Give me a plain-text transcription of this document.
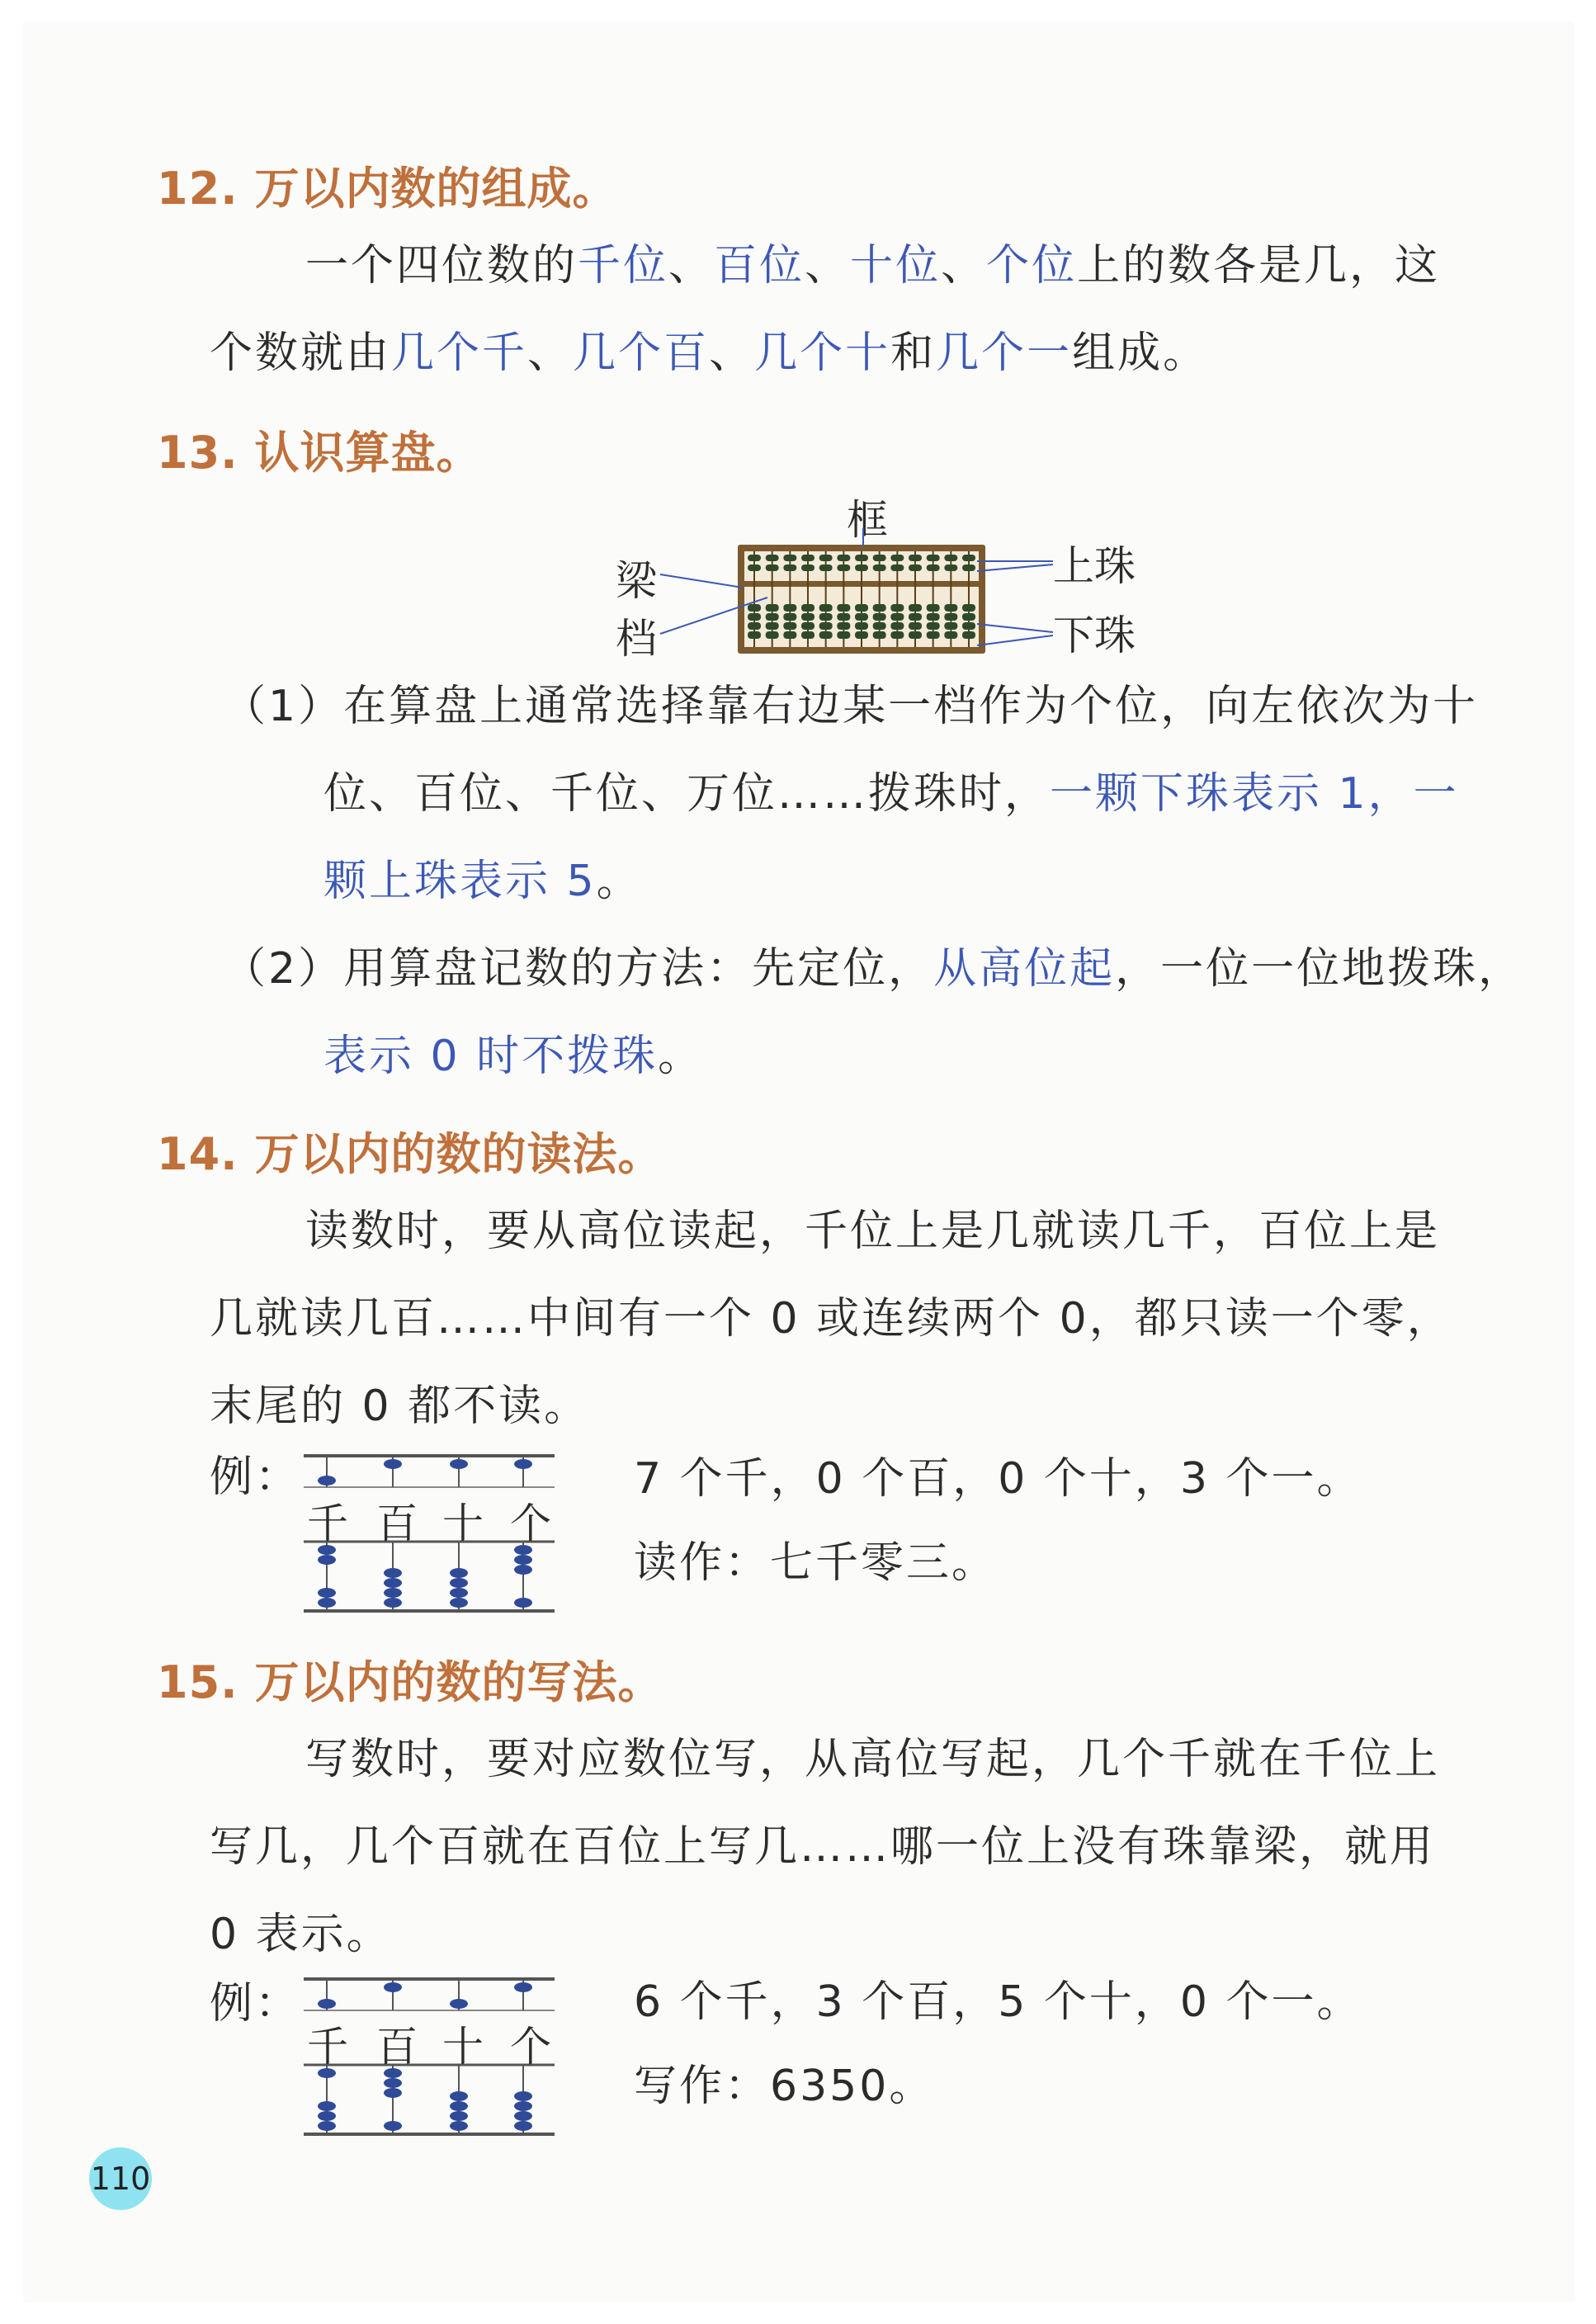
12. 万以内数的组成。
一个四位数的千位、百位、十位、个位上的数各是几，这
个数就由几个千、几个百、几个十和几个一组成。
13. 认识算盘。
框
梁
档
上珠
下珠
（1）在算盘上通常选择靠右边某一档作为个位，向左依次为十
位、百位、千位、万位……拨珠时，一颗下珠表示 1，一
颗上珠表示 5。
（2）用算盘记数的方法：先定位，从高位起，一位一位地拨珠，
表示 0 时不拨珠。
14. 万以内的数的读法。
读数时，要从高位读起，千位上是几就读几千，百位上是
几就读几百……中间有一个 0 或连续两个 0，都只读一个零，
末尾的 0 都不读。
例：
千 百 十 个
7 个千，0 个百，0 个十，3 个一。
读作：七千零三。
15. 万以内的数的写法。
写数时，要对应数位写，从高位写起，几个千就在千位上
写几，几个百就在百位上写几……哪一位上没有珠靠梁，就用
0 表示。
例：
千 百 十 个
6 个千，3 个百，5 个十，0 个一。
写作：6350。
110
